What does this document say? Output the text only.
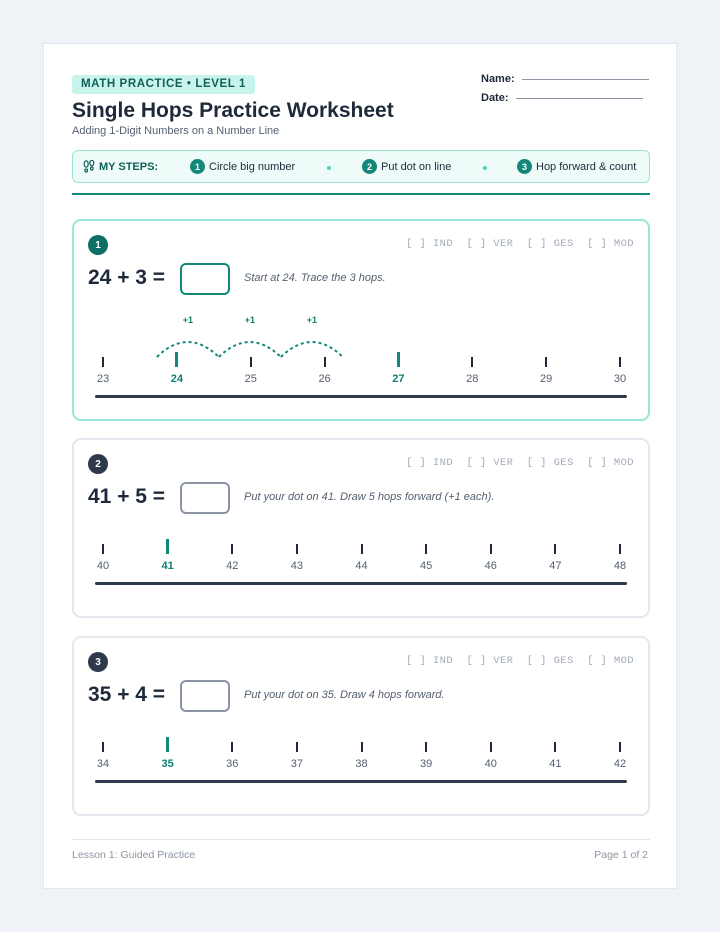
MATH PRACTICE • LEVEL 1
Single Hops Practice Worksheet
Adding 1-Digit Numbers on a Number Line
Name:
Date:
MY STEPS:	1 Circle big number	2 Put dot on line	3 Hop forward & count
1	[ ] IND  [ ] VER  [ ] GES  [ ] MOD
24 + 3 =	Start at 24. Trace the 3 hops.
23	24	25	26	27	28	29	30
+1	+1	+1
2	[ ] IND  [ ] VER  [ ] GES  [ ] MOD
41 + 5 =	Put your dot on 41. Draw 5 hops forward (+1 each).
40	41	42	43	44	45	46	47	48
3	[ ] IND  [ ] VER  [ ] GES  [ ] MOD
35 + 4 =	Put your dot on 35. Draw 4 hops forward.
34	35	36	37	38	39	40	41	42
Lesson 1: Guided Practice	Page 1 of 2
